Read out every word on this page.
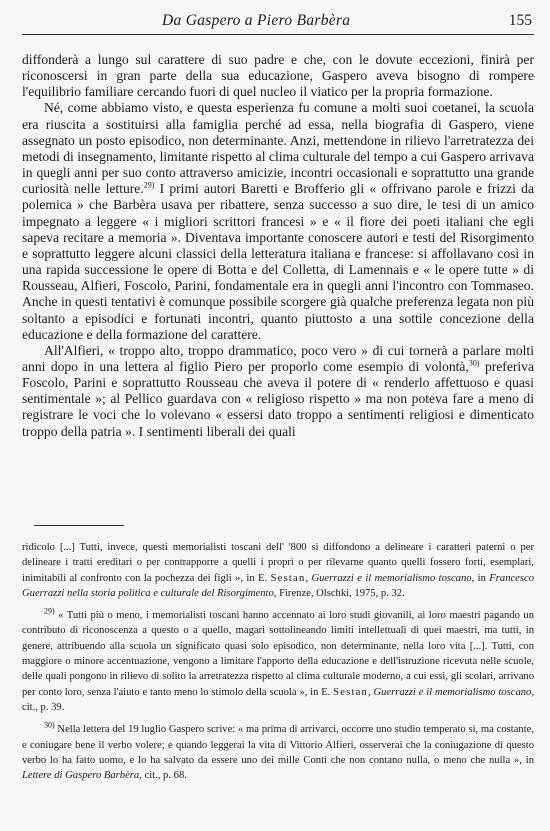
Da Gaspero a Piero Barbèra	155

diffonderà a lungo sul carattere di suo padre e che, con le dovute eccezioni, finirà per riconoscersi in gran parte della sua educazione, Gaspero aveva bisogno di rompere l'equilibrio familiare cercando fuori di quel nucleo il viatico per la propria formazione.

Né, come abbiamo visto, e questa esperienza fu comune a molti suoi coetanei, la scuola era riuscita a sostituirsi alla famiglia perché ad essa, nella biografia di Gaspero, viene assegnato un posto episodico, non determinante. Anzi, mettendone in rilievo l'arretratezza dei metodi di insegnamento, limitante rispetto al clima culturale del tempo a cui Gaspero arrivava in quegli anni per suo conto attraverso amicizie, incontri occasionali e soprattutto una grande curiosità nelle letture.$^{29)}$ I primi autori Baretti e Brofferio gli « offrivano parole e frizzi da polemica » che Barbèra usava per ribattere, senza successo a suo dire, le tesi di un amico impegnato a leggere « i migliori scrittori francesi » e « il fiore dei poeti italiani che egli sapeva recitare a memoria ». Diventava importante conoscere autori e testi del Risorgimento e soprattutto leggere alcuni classici della letteratura italiana e francese: si affollavano così in una rapida successione le opere di Botta e del Colletta, di Lamennais e « le opere tutte » di Rousseau, Alfieri, Foscolo, Parini, fondamentale era in quegli anni l'incontro con Tommaseo. Anche in questi tentativi è comunque possibile scorgere già qualche preferenza legata non più soltanto a episodici e fortunati incontri, quanto piuttosto a una sottile concezione della educazione e della formazione del carattere.

All'Alfieri, « troppo alto, troppo drammatico, poco vero » di cui tornerà a parlare molti anni dopo in una lettera al figlio Piero per proporlo come esempio di volontà,$^{30)}$ preferiva Foscolo, Parini e soprattutto Rousseau che aveva il potere di « renderlo affettuoso e quasi sentimentale »; al Pellico guardava con « religioso rispetto » ma non poteva fare a meno di registrare le voci che lo volevano « essersi dato troppo a sentimenti religiosi e dimenticato troppo della patria ». I sentimenti liberali dei quali

ridicolo [...] Tutti, invece, questi memorialisti toscani dell' '800 si diffondono a delineare i caratteri paterni o per delineare i tratti ereditari o per contrapporre a quelli i propri o per rilevarne quanto quelli fossero forti, esemplari, inimitabili al confronto con la pochezza dei figli », in E. Sestan, Guerrazzi e il memorialismo toscano, in Francesco Guerrazzi nella storia politica e culturale del Risorgimento, Firenze, Olschki, 1975, p. 32.

$^{29)}$ « Tutti più o meno, i memorialisti toscani hanno accennato ai loro studi giovanili, ai loro maestri pagando un contributo di riconoscenza a questo o a quello, magari sottolineando limiti intellettuali di quei maestri, ma tutti, in genere, attribuendo alla scuola un significato quasi solo episodico, non determinante, nella loro vita [...]. Tutti, con maggiore o minore accentuazione, vengono a limitare l'apporto della educazione e dell'istruzione ricevuta nelle scuole, delle quali pongono in rilievo di solito la arretratezza rispetto al clima culturale moderno, a cui essi, gli scolari, arrivano per conto loro, senza l'aiuto e tanto meno lo stimolo della scuola », in E. Sestan, Guerrazzi e il memorialismo toscano, cit., p. 39.

$^{30)}$ Nella lettera del 19 luglio Gaspero scrive: « ma prima di arrivarci, occorre uno studio temperato sì, ma costante, e coniugare bene il verbo volere; e quando leggerai la vita di Vittorio Alfieri, osserverai che la coniugazione di questo verbo lo ha fatto uomo, e lo ha salvato da essere uno dei mille Conti che non contano nulla, o meno che nulla », in Lettere di Gaspero Barbèra, cit., p. 68.
